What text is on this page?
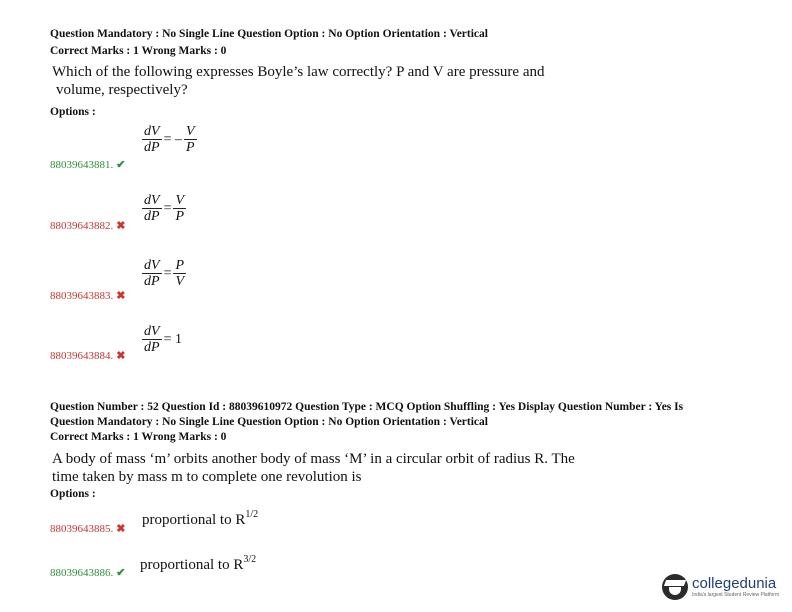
Question Mandatory : No Single Line Question Option : No Option Orientation : Vertical
Correct Marks : 1 Wrong Marks : 0
Which of the following expresses Boyle’s law correctly? P and V are pressure and
volume, respectively?
Options :
$\frac{dV}{dP}$ = – $\frac{V}{P}$
88039643881. ✔
$\frac{dV}{dP} = \frac{V}{P}$
88039643882. ✖
$\frac{dV}{dP} = \frac{P}{V}$
88039643883. ✖
$\frac{dV}{dP} = 1$
88039643884. ✖
Question Number : 52 Question Id : 88039610972 Question Type : MCQ Option Shuffling : Yes Display Question Number : Yes Is
Question Mandatory : No Single Line Question Option : No Option Orientation : Vertical
Correct Marks : 1 Wrong Marks : 0
A body of mass ‘m’ orbits another body of mass ‘M’ in a circular orbit of radius R. The
time taken by mass m to complete one revolution is
Options :
proportional to $R^{1/2}$
88039643885. ✖
proportional to $R^{3/2}$
88039643886. ✔
collegedunia
India's largest Student Review Platform
